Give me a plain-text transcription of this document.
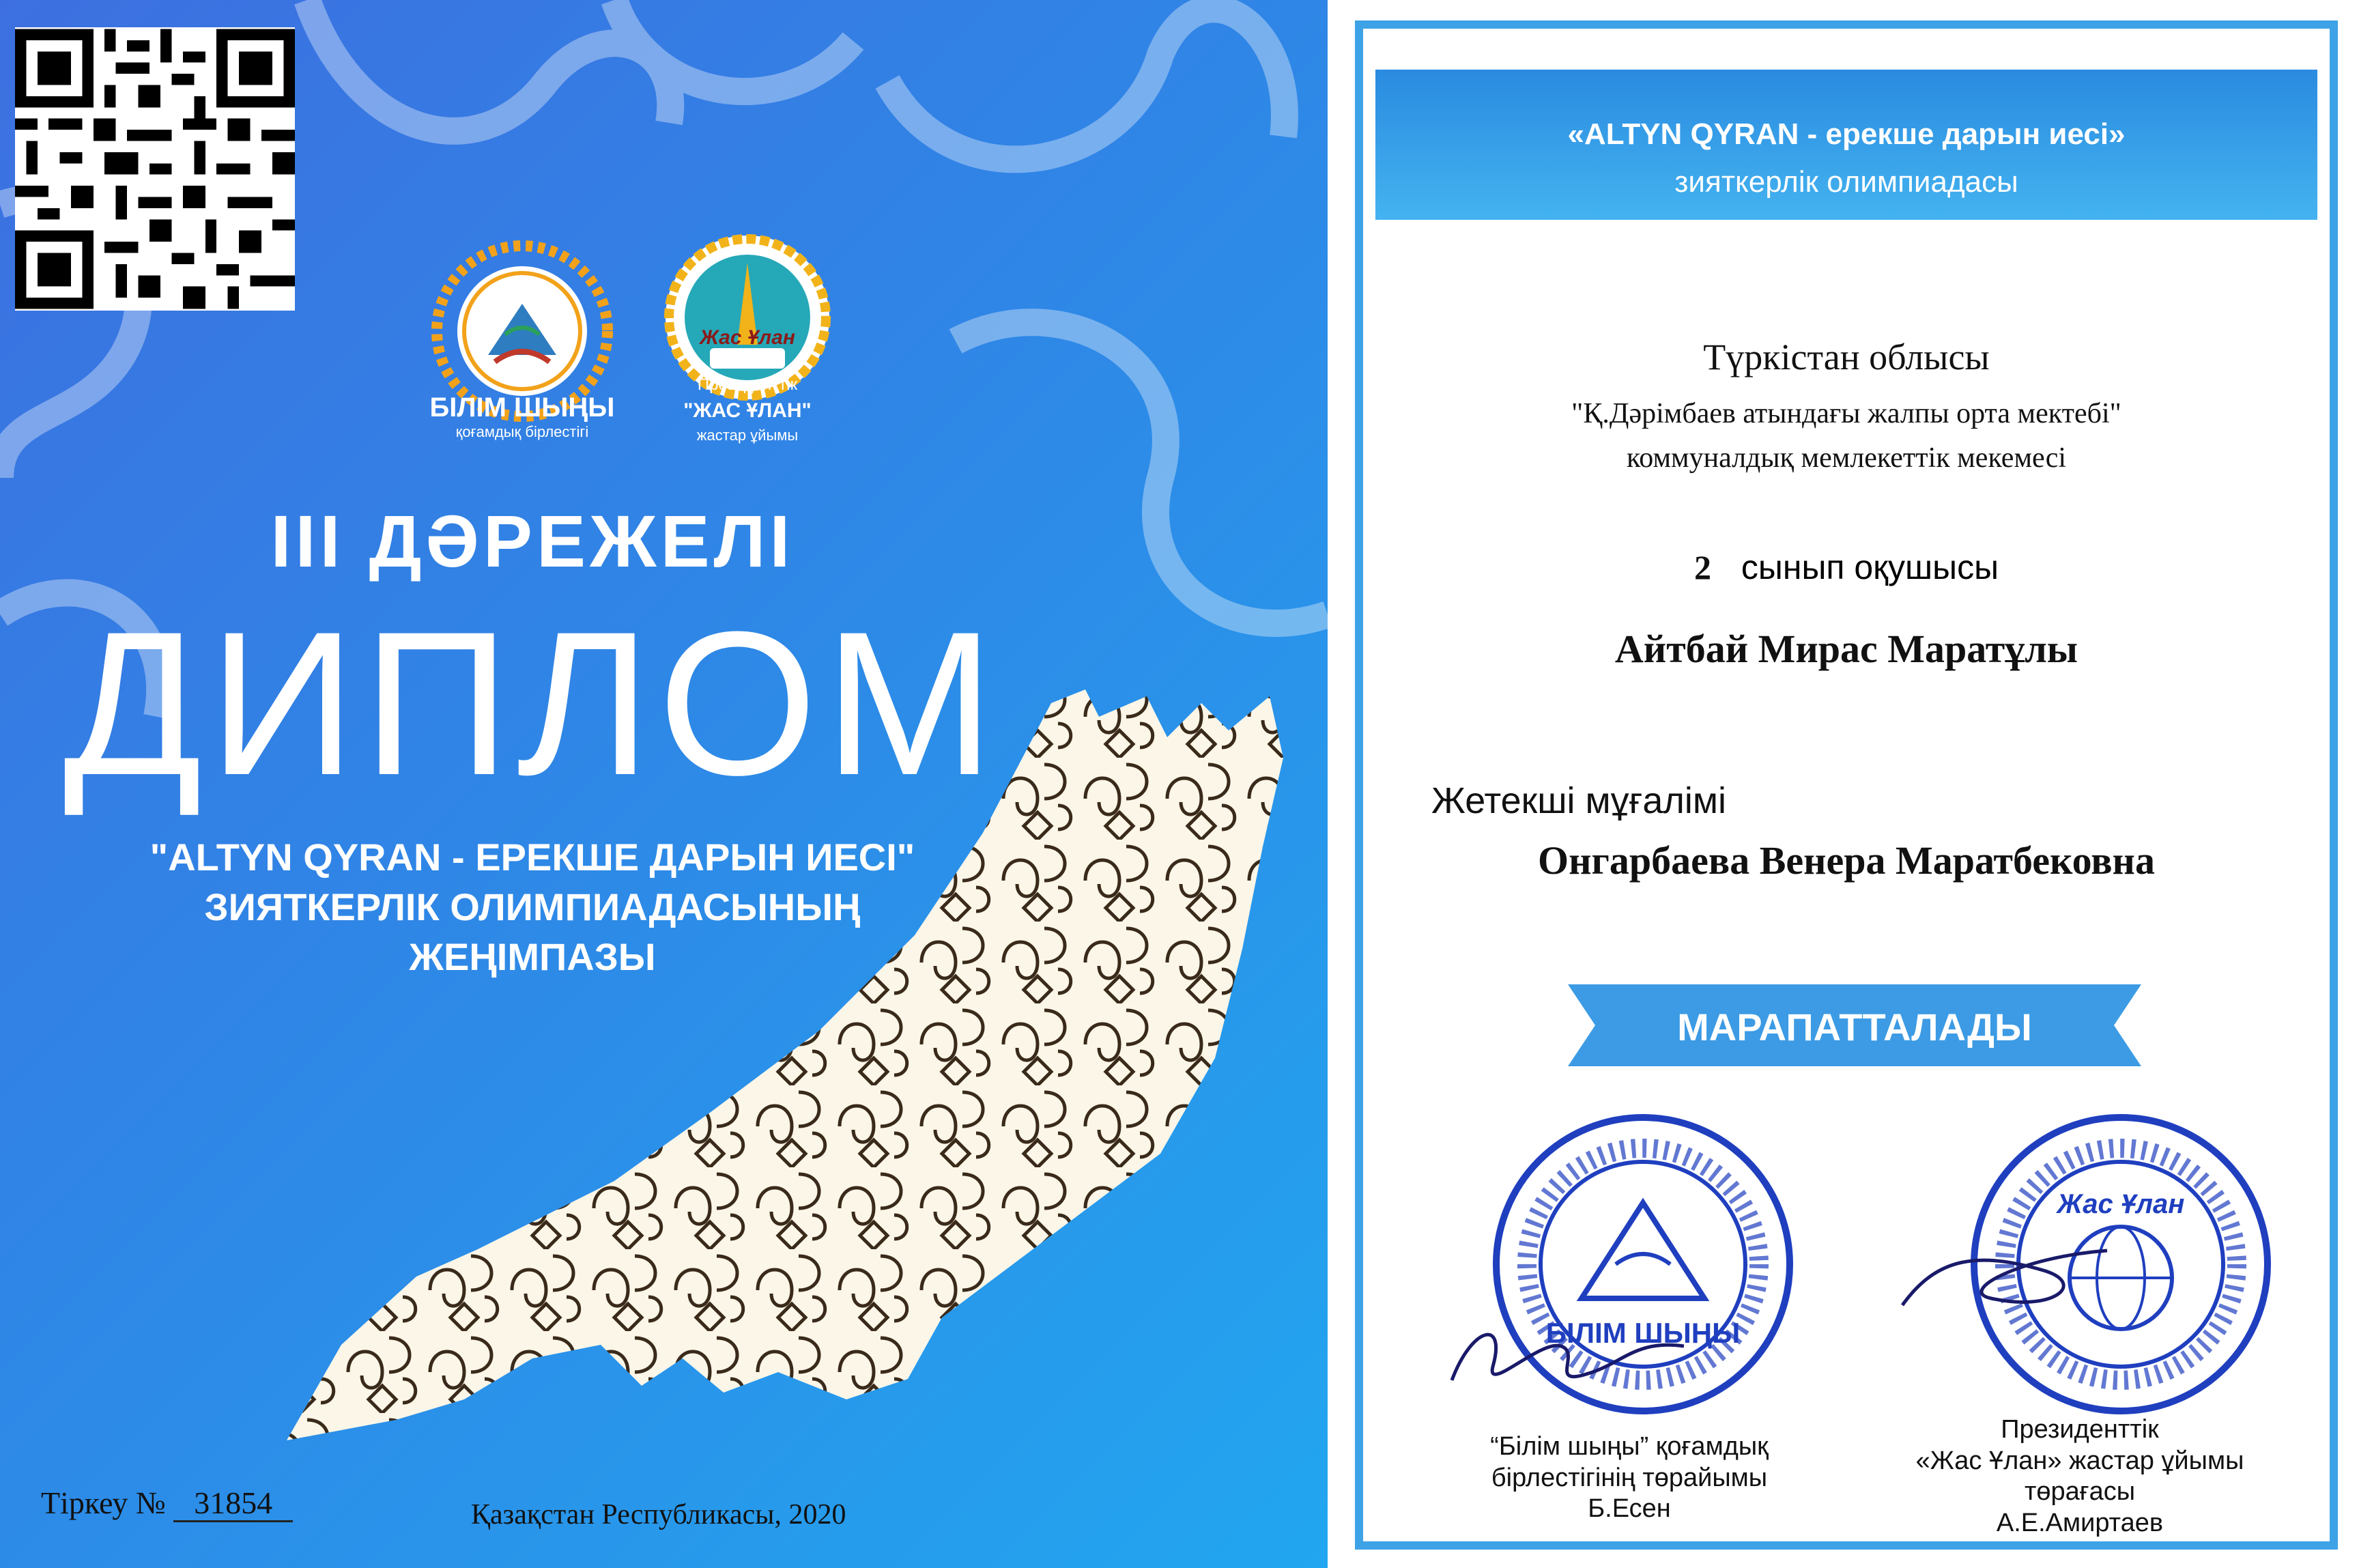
БІЛІМ ШЫҢЫ
қоғамдық бірлестігі
Жас Ұлан
Президенттік
"ЖАС ҰЛАН"
жастар ұйымы
III ДӘРЕЖЕЛІ
ДИПЛОМ
"ALTYN QYRAN - ЕРЕКШЕ ДАРЫН ИЕСІ"
ЗИЯТКЕРЛІК ОЛИМПИАДАСЫНЫҢ
ЖЕҢІМПАЗЫ
Тіркеу № 31854	Қазақстан Республикасы, 2020
«ALTYN QYRAN - ерекше дарын иесі»
зияткерлік олимпиадасы
Түркістан облысы
"Қ.Дәрімбаев атындағы жалпы орта мектебі"
коммуналдық мемлекеттік мекемесі
2 сынып оқушысы
Айтбай Мирас Маратұлы
Жетекші мұғалімі
Онгарбаева Венера Маратбековна
МАРАПАТТАЛАДЫ
БІЛІМ ШЫҢЫ
Жас Ұлан
“Білім шыңы” қоғамдық
бірлестігінің төрайымы
Б.Есен
Президенттік
«Жас Ұлан» жастар ұйымы
төрағасы
А.Е.Амиртаев
